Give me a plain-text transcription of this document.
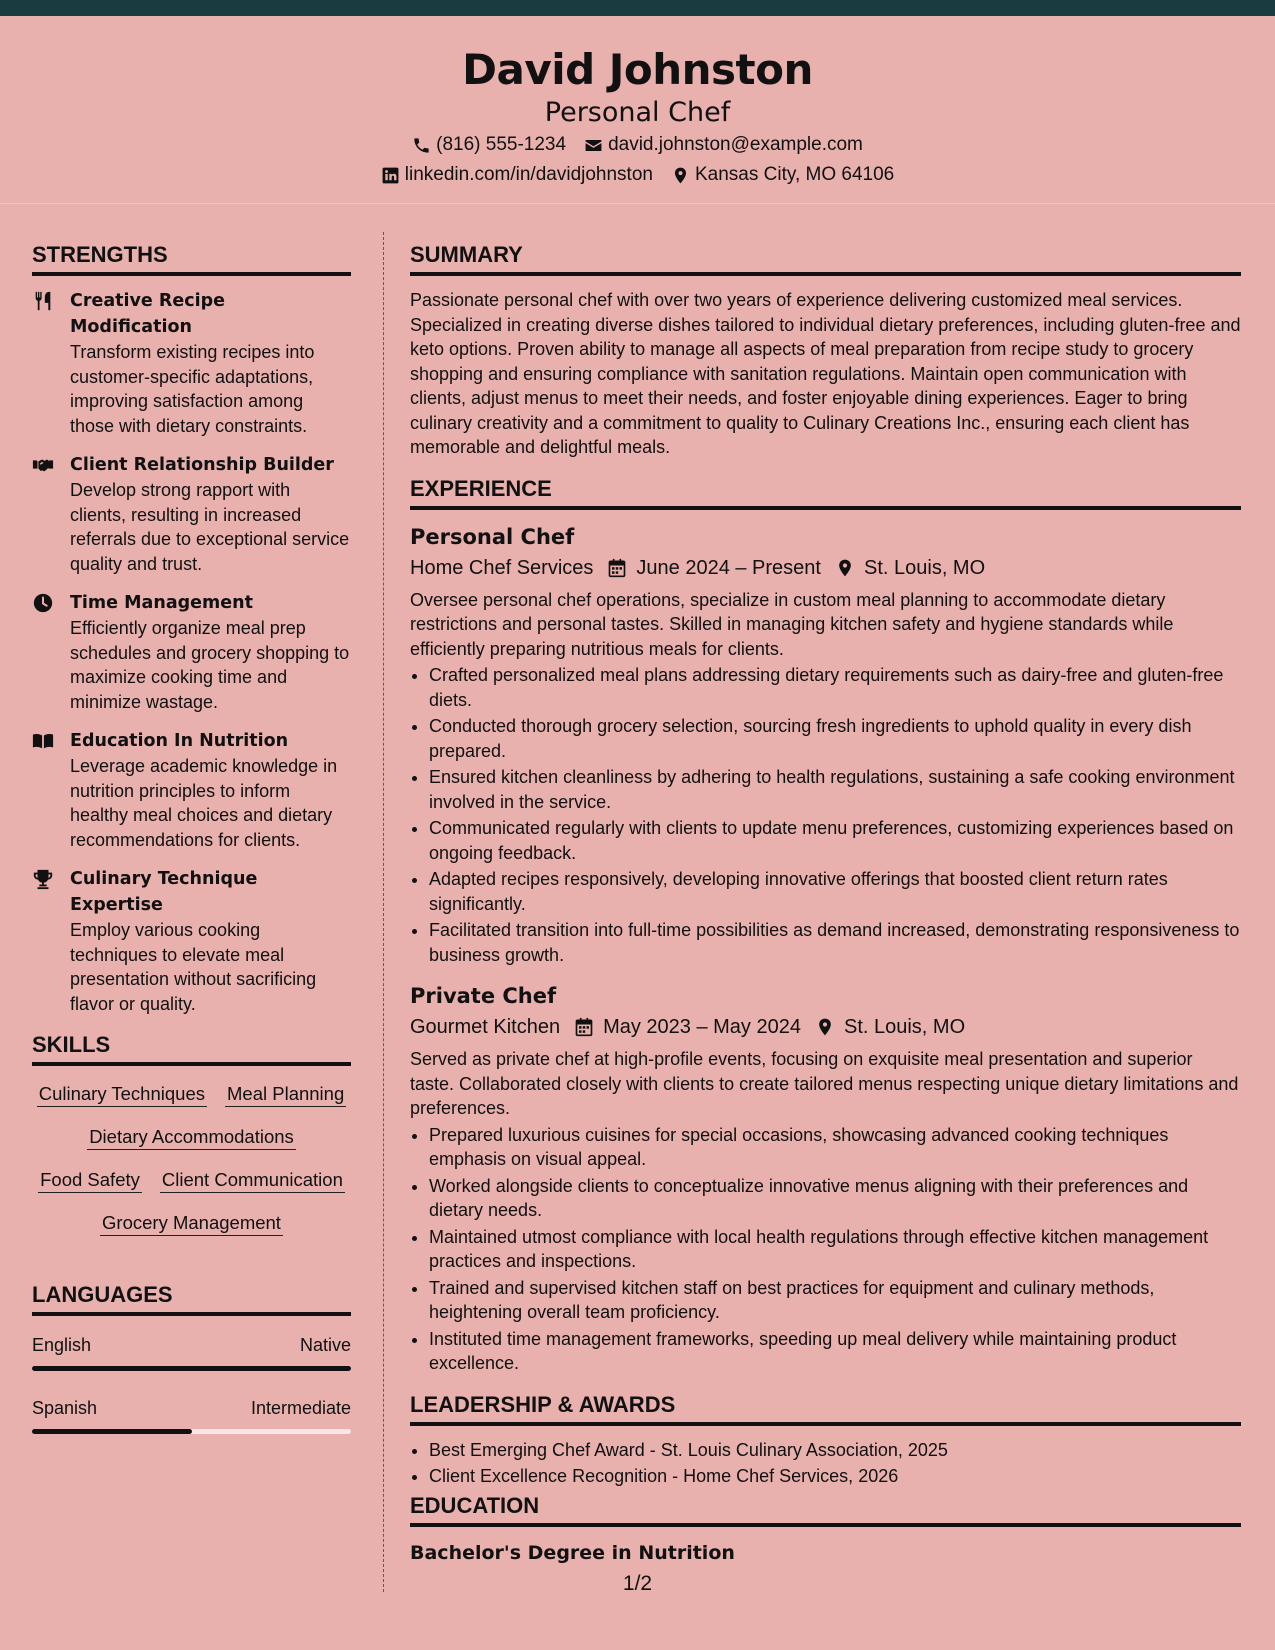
David Johnston
Personal Chef
(816) 555-1234 david.johnston@example.com
linkedin.com/in/davidjohnston Kansas City, MO 64106
STRENGTHS
Creative Recipe Modification
Transform existing recipes into customer-specific adaptations, improving satisfaction among those with dietary constraints.
Client Relationship Builder
Develop strong rapport with clients, resulting in increased referrals due to exceptional service quality and trust.
Time Management
Efficiently organize meal prep schedules and grocery shopping to maximize cooking time and minimize wastage.
Education In Nutrition
Leverage academic knowledge in nutrition principles to inform healthy meal choices and dietary recommendations for clients.
Culinary Technique Expertise
Employ various cooking techniques to elevate meal presentation without sacrificing flavor or quality.
SKILLS
Culinary Techniques Meal Planning
Dietary Accommodations
Food Safety Client Communication
Grocery Management
LANGUAGES
English	Native
Spanish	Intermediate
SUMMARY
Passionate personal chef with over two years of experience delivering customized meal services. Specialized in creating diverse dishes tailored to individual dietary preferences, including gluten-free and keto options. Proven ability to manage all aspects of meal preparation from recipe study to grocery shopping and ensuring compliance with sanitation regulations. Maintain open communication with clients, adjust menus to meet their needs, and foster enjoyable dining experiences. Eager to bring culinary creativity and a commitment to quality to Culinary Creations Inc., ensuring each client has memorable and delightful meals.
EXPERIENCE
Personal Chef
Home Chef Services June 2024 – Present St. Louis, MO
Oversee personal chef operations, specialize in custom meal planning to accommodate dietary restrictions and personal tastes. Skilled in managing kitchen safety and hygiene standards while efficiently preparing nutritious meals for clients.
• Crafted personalized meal plans addressing dietary requirements such as dairy-free and gluten-free diets.
• Conducted thorough grocery selection, sourcing fresh ingredients to uphold quality in every dish prepared.
• Ensured kitchen cleanliness by adhering to health regulations, sustaining a safe cooking environment involved in the service.
• Communicated regularly with clients to update menu preferences, customizing experiences based on ongoing feedback.
• Adapted recipes responsively, developing innovative offerings that boosted client return rates significantly.
• Facilitated transition into full-time possibilities as demand increased, demonstrating responsiveness to business growth.
Private Chef
Gourmet Kitchen May 2023 – May 2024 St. Louis, MO
Served as private chef at high-profile events, focusing on exquisite meal presentation and superior taste. Collaborated closely with clients to create tailored menus respecting unique dietary limitations and preferences.
• Prepared luxurious cuisines for special occasions, showcasing advanced cooking techniques emphasis on visual appeal.
• Worked alongside clients to conceptualize innovative menus aligning with their preferences and dietary needs.
• Maintained utmost compliance with local health regulations through effective kitchen management practices and inspections.
• Trained and supervised kitchen staff on best practices for equipment and culinary methods, heightening overall team proficiency.
• Instituted time management frameworks, speeding up meal delivery while maintaining product excellence.
LEADERSHIP & AWARDS
• Best Emerging Chef Award - St. Louis Culinary Association, 2025
• Client Excellence Recognition - Home Chef Services, 2026
EDUCATION
Bachelor's Degree in Nutrition
1/2
